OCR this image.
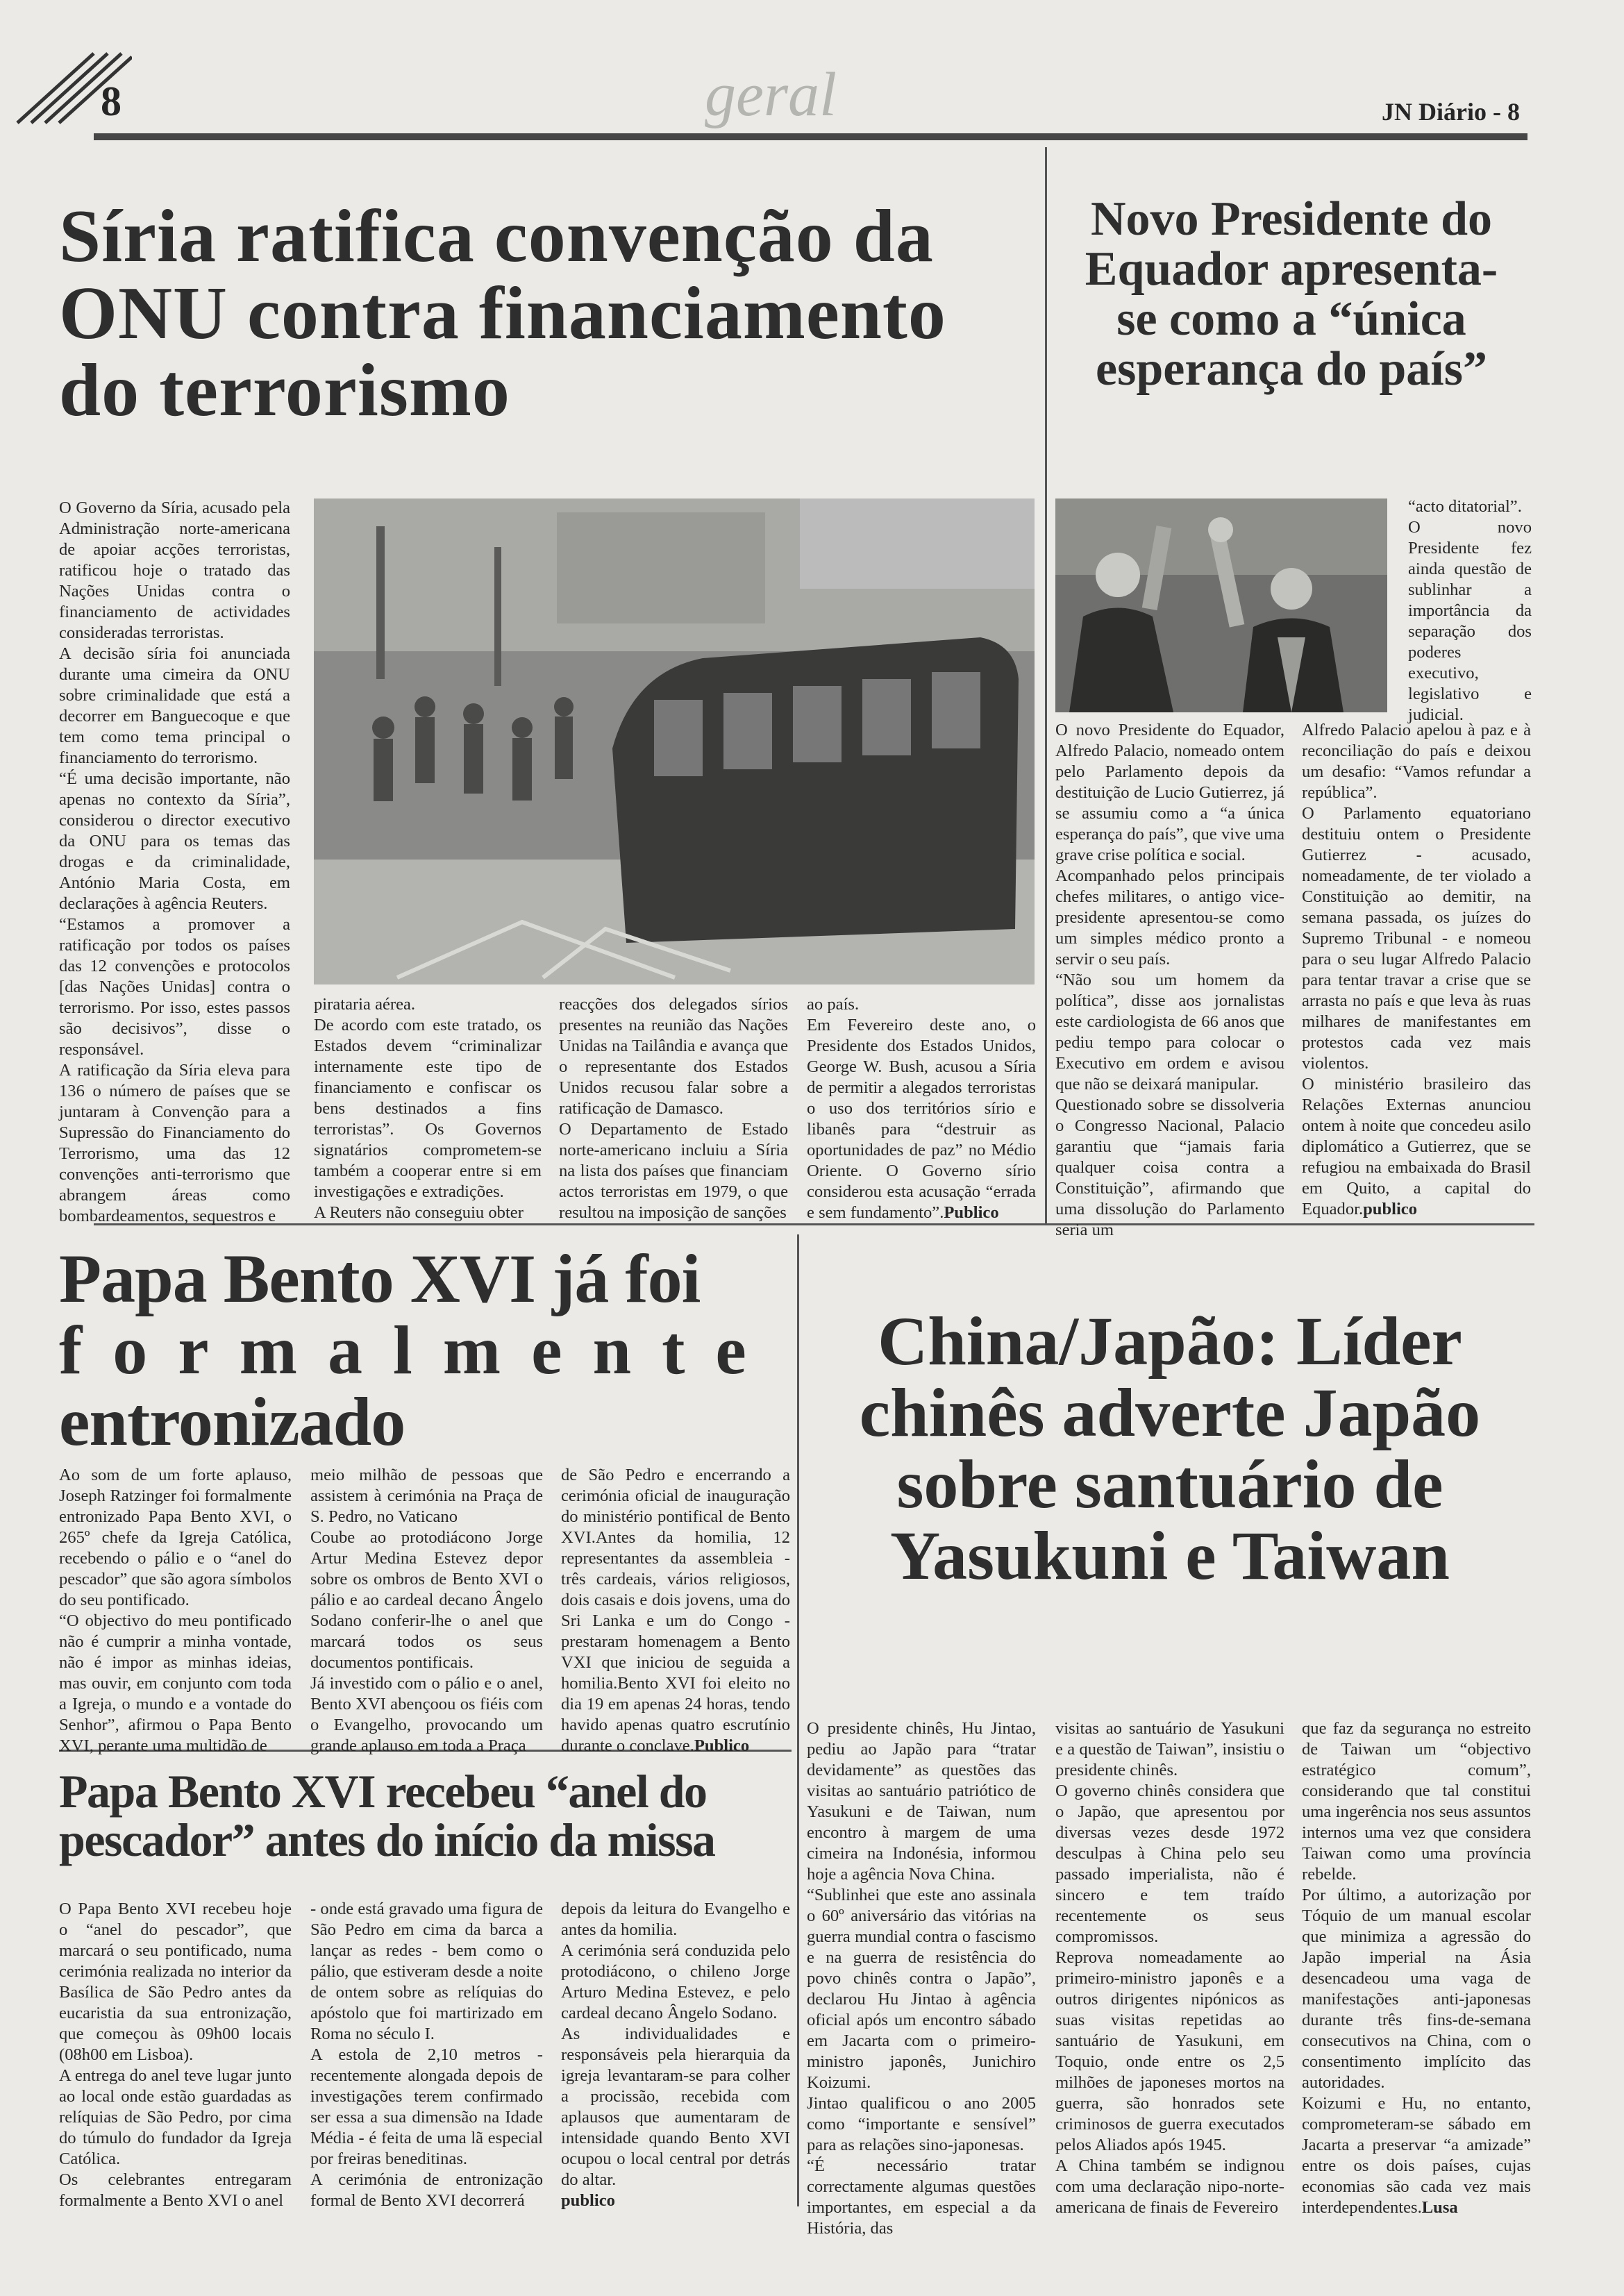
8	geral	JN Diário - 8
Síria ratifica convenção da
ONU contra financiamento
do terrorismo

O Governo da Síria, acusado pela Administração norte-americana de apoiar acções terroristas, ratificou hoje o tratado das Nações Unidas contra o financiamento de actividades consideradas terroristas.
A decisão síria foi anunciada durante uma cimeira da ONU sobre criminalidade que está a decorrer em Banguecoque e que tem como tema principal o financiamento do terrorismo.
“É uma decisão importante, não apenas no contexto da Síria”, considerou o director executivo da ONU para os temas das drogas e da criminalidade, António Maria Costa, em declarações à agência Reuters.
“Estamos a promover a ratificação por todos os países das 12 convenções e protocolos [das Nações Unidas] contra o terrorismo. Por isso, estes passos são decisivos”, disse o responsável.
A ratificação da Síria eleva para 136 o número de países que se juntaram à Convenção para a Supressão do Financiamento do Terrorismo, uma das 12 convenções anti-terrorismo que abrangem áreas como bombardeamentos, sequestros e

pirataria aérea.
De acordo com este tratado, os Estados devem “criminalizar internamente este tipo de financiamento e confiscar os bens destinados a fins terroristas”. Os Governos signatários comprometem-se também a cooperar entre si em investigações e extradições.
A Reuters não conseguiu obter

reacções dos delegados sírios presentes na reunião das Nações Unidas na Tailândia e avança que o representante dos Estados Unidos recusou falar sobre a ratificação de Damasco.
O Departamento de Estado norte-americano incluiu a Síria na lista dos países que financiam actos terroristas em 1979, o que resultou na imposição de sanções

ao país.
Em Fevereiro deste ano, o Presidente dos Estados Unidos, George W. Bush, acusou a Síria de permitir a alegados terroristas o uso dos territórios sírio e libanês para “destruir as oportunidades de paz” no Médio Oriente. O Governo sírio considerou esta acusação “errada e sem fundamento”.Publico

Novo Presidente do
Equador apresenta-
se como a “única
esperança do país”

“acto ditatorial”.
O novo Presidente fez ainda questão de sublinhar a importância da separação dos poderes executivo, legislativo e judicial.

O novo Presidente do Equador, Alfredo Palacio, nomeado ontem pelo Parlamento depois da destituição de Lucio Gutierrez, já se assumiu como a “a única esperança do país”, que vive uma grave crise política e social.
Acompanhado pelos principais chefes militares, o antigo vice-presidente apresentou-se como um simples médico pronto a servir o seu país.
“Não sou um homem da política”, disse aos jornalistas este cardiologista de 66 anos que pediu tempo para colocar o Executivo em ordem e avisou que não se deixará manipular.
Questionado sobre se dissolveria o Congresso Nacional, Palacio garantiu que “jamais faria qualquer coisa contra a Constituição”, afirmando que uma dissolução do Parlamento seria um

Alfredo Palacio apelou à paz e à reconciliação do país e deixou um desafio: “Vamos refundar a república”.
O Parlamento equatoriano destituiu ontem o Presidente Gutierrez - acusado, nomeadamente, de ter violado a Constituição ao demitir, na semana passada, os juízes do Supremo Tribunal - e nomeou para o seu lugar Alfredo Palacio para tentar travar a crise que se arrasta no país e que leva às ruas milhares de manifestantes em protestos cada vez mais violentos.
O ministério brasileiro das Relações Externas anunciou ontem à noite que concedeu asilo diplomático a Gutierrez, que se refugiou na embaixada do Brasil em Quito, a capital do Equador.publico

Papa Bento XVI já foi
formalmente
entronizado

Ao som de um forte aplauso, Joseph Ratzinger foi formalmente entronizado Papa Bento XVI, o 265º chefe da Igreja Católica, recebendo o pálio e o “anel do pescador” que são agora símbolos do seu pontificado.
“O objectivo do meu pontificado não é cumprir a minha vontade, não é impor as minhas ideias, mas ouvir, em conjunto com toda a Igreja, o mundo e a vontade do Senhor”, afirmou o Papa Bento XVI, perante uma multidão de

meio milhão de pessoas que assistem à cerimónia na Praça de S. Pedro, no Vaticano
Coube ao protodiácono Jorge Artur Medina Estevez depor sobre os ombros de Bento XVI o pálio e ao cardeal decano Ângelo Sodano conferir-lhe o anel que marcará todos os seus documentos pontificais.
Já investido com o pálio e o anel, Bento XVI abençoou os fiéis com o Evangelho, provocando um grande aplauso em toda a Praça

de São Pedro e encerrando a cerimónia oficial de inauguração do ministério pontifical de Bento XVI.Antes da homilia, 12 representantes da assembleia - três cardeais, vários religiosos, dois casais e dois jovens, uma do Sri Lanka e um do Congo - prestaram homenagem a Bento VXI que iniciou de seguida a homilia.Bento XVI foi eleito no dia 19 em apenas 24 horas, tendo havido apenas quatro escrutínio durante o conclave.Publico

Papa Bento XVI recebeu “anel do
pescador” antes do início da missa

O Papa Bento XVI recebeu hoje o “anel do pescador”, que marcará o seu pontificado, numa cerimónia realizada no interior da Basílica de São Pedro antes da eucaristia da sua entronização, que começou às 09h00 locais (08h00 em Lisboa).
A entrega do anel teve lugar junto ao local onde estão guardadas as relíquias de São Pedro, por cima do túmulo do fundador da Igreja Católica.
Os celebrantes entregaram formalmente a Bento XVI o anel

- onde está gravado uma figura de São Pedro em cima da barca a lançar as redes - bem como o pálio, que estiveram desde a noite de ontem sobre as relíquias do apóstolo que foi martirizado em Roma no século I.
A estola de 2,10 metros - recentemente alongada depois de investigações terem confirmado ser essa a sua dimensão na Idade Média - é feita de uma lã especial por freiras beneditinas.
A cerimónia de entronização formal de Bento XVI decorrerá

depois da leitura do Evangelho e antes da homilia.
A cerimónia será conduzida pelo protodiácono, o chileno Jorge Arturo Medina Estevez, e pelo cardeal decano Ângelo Sodano.
As individualidades e responsáveis pela hierarquia da igreja levantaram-se para colher a procissão, recebida com aplausos que aumentaram de intensidade quando Bento XVI ocupou o local central por detrás do altar.
publico

China/Japão: Líder
chinês adverte Japão
sobre santuário de
Yasukuni e Taiwan

O presidente chinês, Hu Jintao, pediu ao Japão para “tratar devidamente” as questões das visitas ao santuário patriótico de Yasukuni e de Taiwan, num encontro à margem de uma cimeira na Indonésia, informou hoje a agência Nova China.
“Sublinhei que este ano assinala o 60º aniversário das vitórias na guerra mundial contra o fascismo e na guerra de resistência do povo chinês contra o Japão”, declarou Hu Jintao à agência oficial após um encontro sábado em Jacarta com o primeiro- ministro japonês, Junichiro Koizumi.
Jintao qualificou o ano 2005 como “importante e sensível” para as relações sino-japonesas.
“É necessário tratar correctamente algumas questões importantes, em especial a da História, das

visitas ao santuário de Yasukuni e a questão de Taiwan”, insistiu o presidente chinês.
O governo chinês considera que o Japão, que apresentou por diversas vezes desde 1972 desculpas à China pelo seu passado imperialista, não é sincero e tem traído recentemente os seus compromissos.
Reprova nomeadamente ao primeiro-ministro japonês e a outros dirigentes nipónicos as suas visitas repetidas ao santuário de Yasukuni, em Toquio, onde entre os 2,5 milhões de japoneses mortos na guerra, são honrados sete criminosos de guerra executados pelos Aliados após 1945.
A China também se indignou com uma declaração nipo-norte-americana de finais de Fevereiro

que faz da segurança no estreito de Taiwan um “objectivo estratégico comum”, considerando que tal constitui uma ingerência nos seus assuntos internos uma vez que considera Taiwan como uma província rebelde.
Por último, a autorização por Tóquio de um manual escolar que minimiza a agressão do Japão imperial na Ásia desencadeou uma vaga de manifestações anti-japonesas durante três fins-de-semana consecutivos na China, com o consentimento implícito das autoridades.
Koizumi e Hu, no entanto, comprometeram-se sábado em Jacarta a preservar “a amizade” entre os dois países, cujas economias são cada vez mais interdependentes.Lusa
